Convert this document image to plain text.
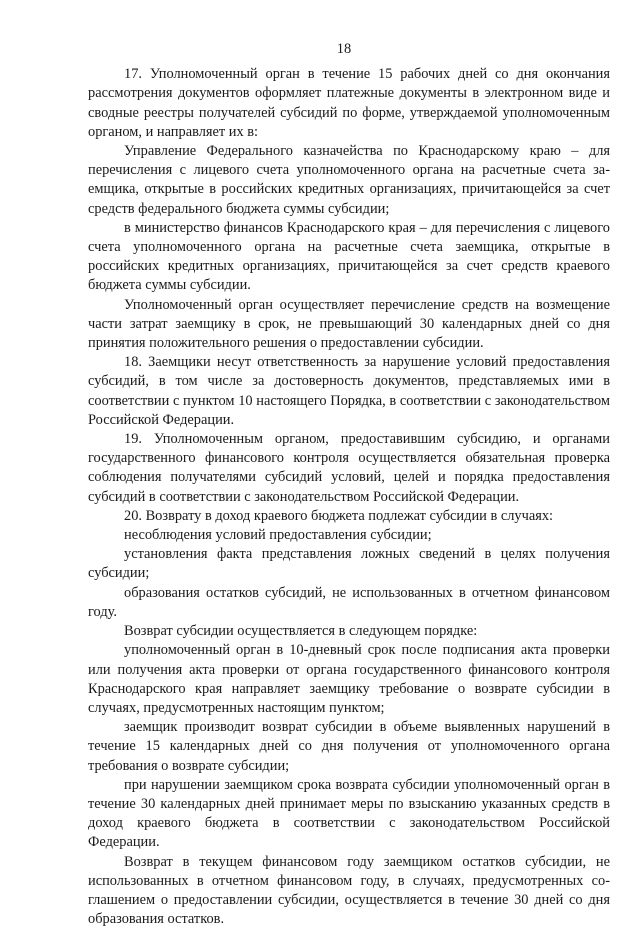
18

17. Уполномоченный орган в течение 15 рабочих дней со дня окончания рассмотрения документов оформляет платежные документы в электронном виде и сводные реестры получателей субсидий по форме, утверждаемой уполномоченным органом, и направляет их в:

Управление Федерального казначейства по Краснодарскому краю – для перечисления с лицевого счета уполномоченного органа на расчетные счета заемщика, открытые в российских кредитных организациях, причитающейся за счет средств федерального бюджета суммы субсидии;

в министерство финансов Краснодарского края – для перечисления с лицевого счета уполномоченного органа на расчетные счета заемщика, открытые в российских кредитных организациях, причитающейся за счет средств краевого бюджета суммы субсидии.

Уполномоченный орган осуществляет перечисление средств на возмещение части затрат заемщику в срок, не превышающий 30 календарных дней со дня принятия положительного решения о предоставлении субсидии.

18. Заемщики несут ответственность за нарушение условий предоставления субсидий, в том числе за достоверность документов, представляемых ими в соответствии с пунктом 10 настоящего Порядка, в соответствии с законодательством Российской Федерации.

19. Уполномоченным органом, предоставившим субсидию, и органами государственного финансового контроля осуществляется обязательная проверка соблюдения получателями субсидий условий, целей и порядка предоставления субсидий в соответствии с законодательством Российской Федерации.

20. Возврату в доход краевого бюджета подлежат субсидии в случаях:

несоблюдения условий предоставления субсидии;

установления факта представления ложных сведений в целях получения субсидии;

образования остатков субсидий, не использованных в отчетном финансовом году.

Возврат субсидии осуществляется в следующем порядке:

уполномоченный орган в 10-дневный срок после подписания акта проверки или получения акта проверки от органа государственного финансового контроля Краснодарского края направляет заемщику требование о возврате субсидии в случаях, предусмотренных настоящим пунктом;

заемщик производит возврат субсидии в объеме выявленных нарушений в течение 15 календарных дней со дня получения от уполномоченного органа требования о возврате субсидии;

при нарушении заемщиком срока возврата субсидии уполномоченный орган в течение 30 календарных дней принимает меры по взысканию указанных средств в доход краевого бюджета в соответствии с законодательством Российской Федерации.

Возврат в текущем финансовом году заемщиком остатков субсидии, не использованных в отчетном финансовом году, в случаях, предусмотренных соглашением о предоставлении субсидии, осуществляется в течение 30 дней со дня образования остатков.
